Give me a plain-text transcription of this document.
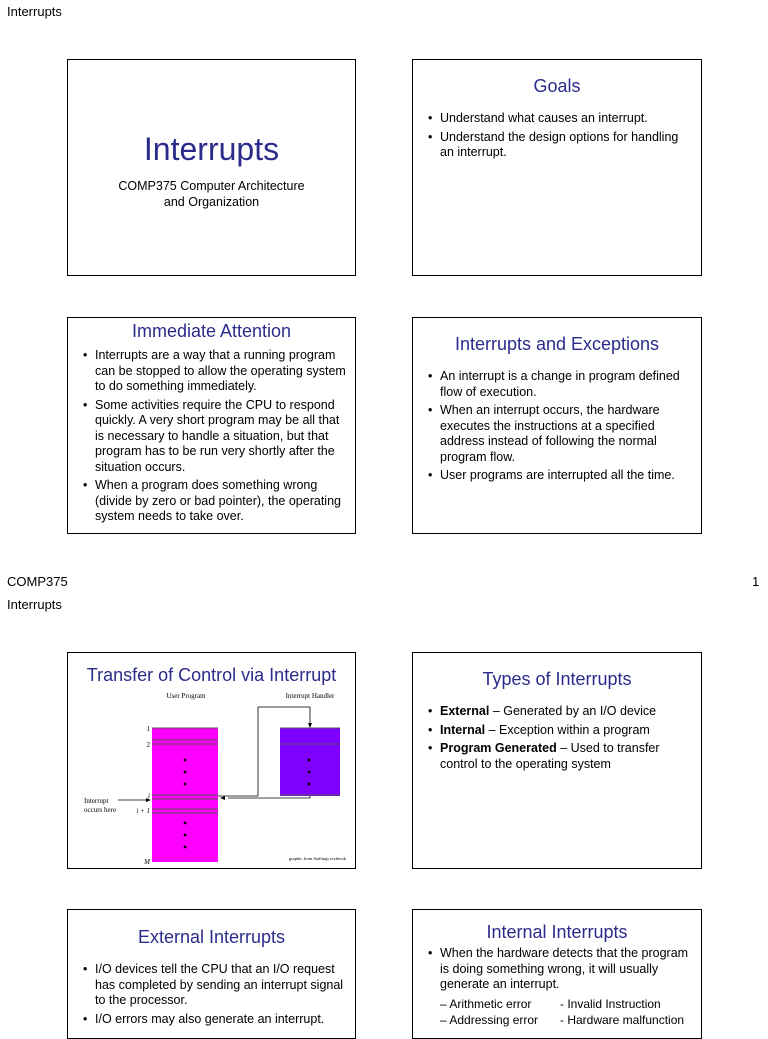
Interrupts
COMP375	1
Interrupts
Interrupts
COMP375 Computer Architecture
and Organization
Goals
• Understand what causes an interrupt.
• Understand the design options for handling an interrupt.
Immediate Attention
• Interrupts are a way that a running program can be stopped to allow the operating system to do something immediately.
• Some activities require the CPU to respond quickly. A very short program may be all that is necessary to handle a situation, but that program has to be run very shortly after the situation occurs.
• When a program does something wrong (divide by zero or bad pointer), the operating system needs to take over.
Interrupts and Exceptions
• An interrupt is a change in program defined flow of execution.
• When an interrupt occurs, the hardware executes the instructions at a specified address instead of following the normal program flow.
• User programs are interrupted all the time.
Transfer of Control via Interrupt
User Program	Interrupt Handler
1
2
i
i + 1
M
Interrupt
occurs here
graphic from Stallings textbook
Types of Interrupts
• External – Generated by an I/O device
• Internal – Exception within a program
• Program Generated – Used to transfer control to the operating system
External Interrupts
• I/O devices tell the CPU that an I/O request has completed by sending an interrupt signal to the processor.
• I/O errors may also generate an interrupt.
Internal Interrupts
• When the hardware detects that the program is doing something wrong, it will usually generate an interrupt.
– Arithmetic error	- Invalid Instruction
– Addressing error	- Hardware malfunction
